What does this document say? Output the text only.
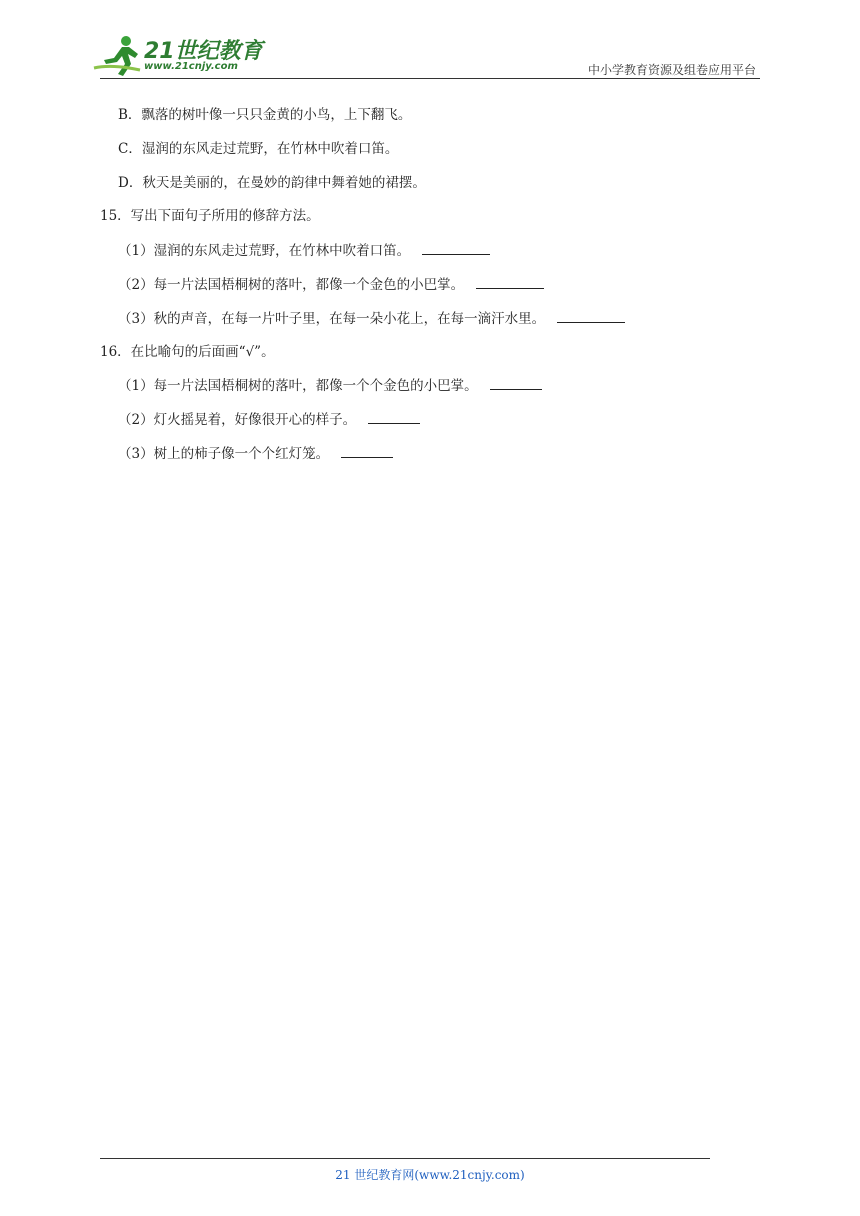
21世纪教育
www.21cnjy.com	中小学教育资源及组卷应用平台
B．飘落的树叶像一只只金黄的小鸟，上下翻飞。
C．湿润的东风走过荒野，在竹林中吹着口笛。
D．秋天是美丽的，在曼妙的韵律中舞着她的裙摆。
15．写出下面句子所用的修辞方法。
（1）湿润的东风走过荒野，在竹林中吹着口笛。
（2）每一片法国梧桐树的落叶，都像一个金色的小巴掌。
（3）秋的声音，在每一片叶子里，在每一朵小花上，在每一滴汗水里。
16．在比喻句的后面画“√”。
（1）每一片法国梧桐树的落叶，都像一个个金色的小巴掌。
（2）灯火摇晃着，好像很开心的样子。
（3）树上的柿子像一个个红灯笼。
21 世纪教育网(www.21cnjy.com)
